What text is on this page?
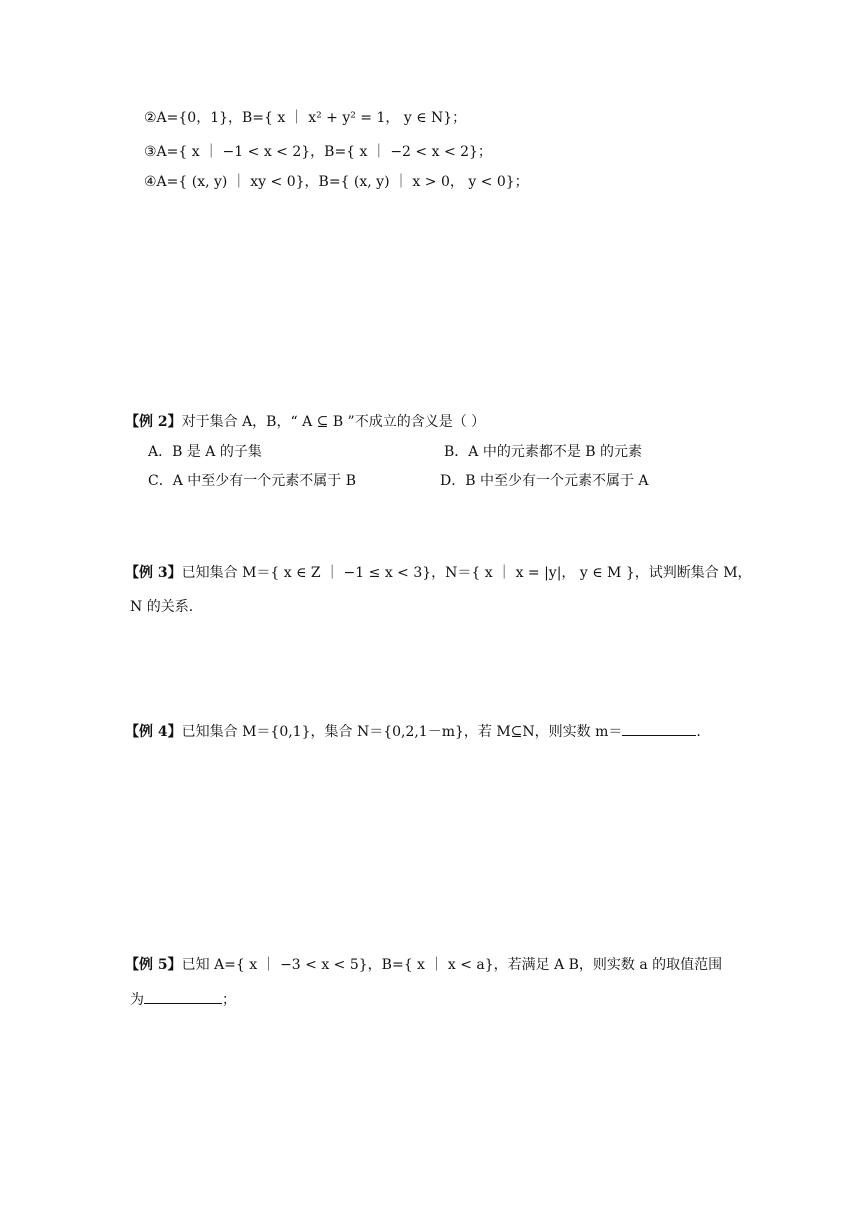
②A={0，1}，B={ x ｜ x² + y² = 1， y ∈ N}；
③A={ x ｜ −1 < x < 2}，B={ x ｜ −2 < x < 2}；
④A={ (x, y) ｜ xy < 0}，B={ (x, y) ｜ x > 0， y < 0}；
【例 2】对于集合 A，B，“ A ⊆ B ”不成立的含义是（ ）
A．B 是 A 的子集	B．A 中的元素都不是 B 的元素
C．A 中至少有一个元素不属于 B	D．B 中至少有一个元素不属于 A
【例 3】已知集合 M＝{ x ∈ Z ｜ −1 ≤ x < 3}，N＝{ x ｜ x = |y|， y ∈ M }，试判断集合 M，
N 的关系．
【例 4】已知集合 M＝{0,1}，集合 N＝{0,2,1－m}，若 M⊆N，则实数 m＝	.
【例 5】已知 A={ x ｜ −3 < x < 5}，B={ x ｜ x < a}，若满足 A B，则实数 a 的取值范围
为	；
